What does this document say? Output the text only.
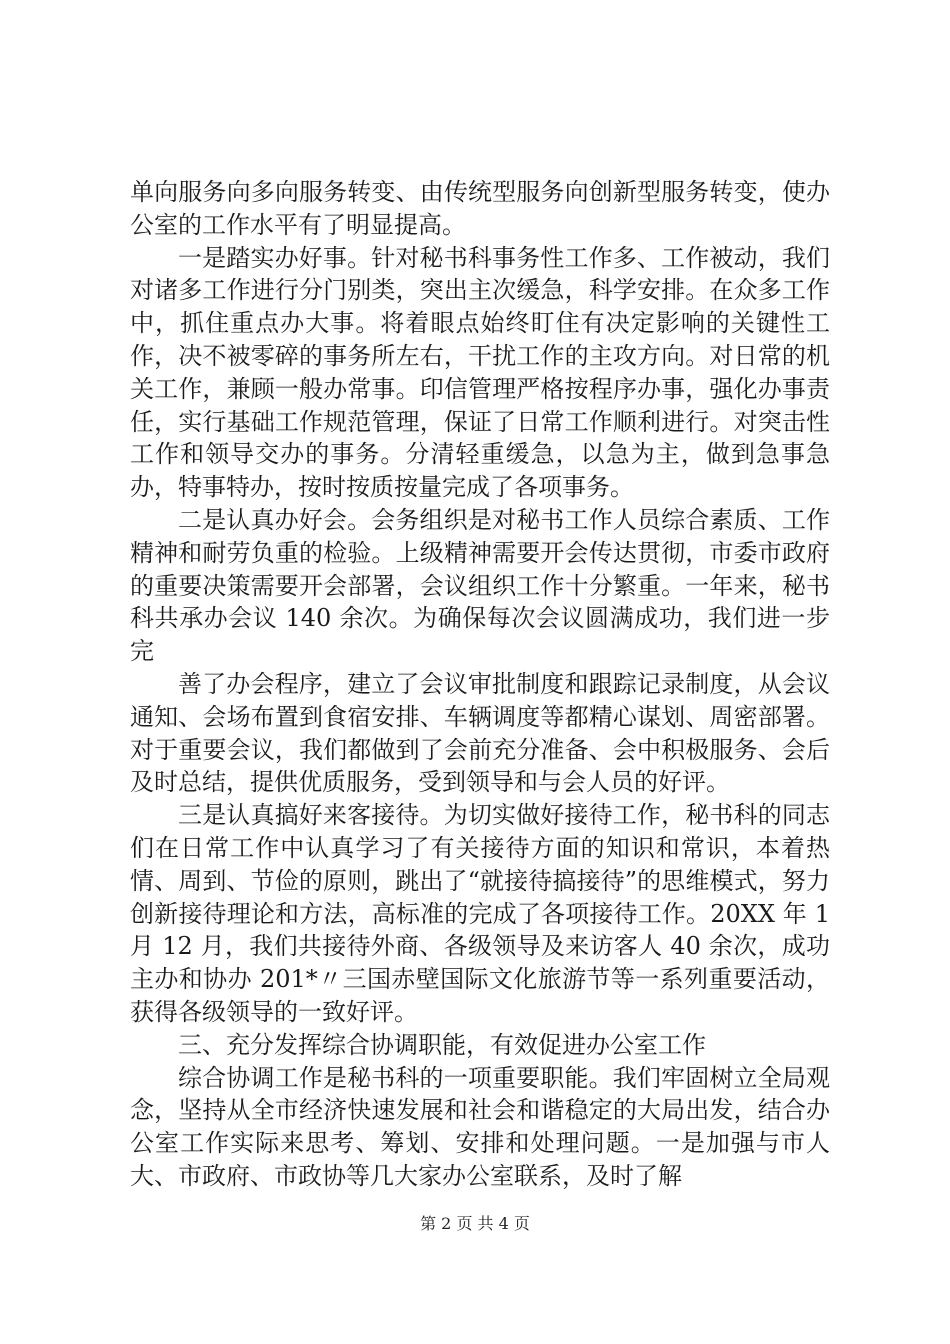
单向服务向多向服务转变、由传统型服务向创新型服务转变，使办公室的工作水平有了明显提高。

一是踏实办好事。针对秘书科事务性工作多、工作被动，我们对诸多工作进行分门别类，突出主次缓急，科学安排。在众多工作中，抓住重点办大事。将着眼点始终盯住有决定影响的关键性工作，决不被零碎的事务所左右，干扰工作的主攻方向。对日常的机关工作，兼顾一般办常事。印信管理严格按程序办事，强化办事责任，实行基础工作规范管理，保证了日常工作顺利进行。对突击性工作和领导交办的事务。分清轻重缓急，以急为主，做到急事急办，特事特办，按时按质按量完成了各项事务。

二是认真办好会。会务组织是对秘书工作人员综合素质、工作精神和耐劳负重的检验。上级精神需要开会传达贯彻，市委市政府的重要决策需要开会部署，会议组织工作十分繁重。一年来，秘书科共承办会议 140 余次。为确保每次会议圆满成功，我们进一步完

善了办会程序，建立了会议审批制度和跟踪记录制度，从会议通知、会场布置到食宿安排、车辆调度等都精心谋划、周密部署。对于重要会议，我们都做到了会前充分准备、会中积极服务、会后及时总结，提供优质服务，受到领导和与会人员的好评。

三是认真搞好来客接待。为切实做好接待工作，秘书科的同志们在日常工作中认真学习了有关接待方面的知识和常识，本着热情、周到、节俭的原则，跳出了“就接待搞接待”的思维模式，努力创新接待理论和方法，高标准的完成了各项接待工作。20XX 年 1 月 12 月，我们共接待外商、各级领导及来访客人 40 余次，成功主办和协办 201*〃三国赤壁国际文化旅游节等一系列重要活动，获得各级领导的一致好评。

三、充分发挥综合协调职能，有效促进办公室工作

综合协调工作是秘书科的一项重要职能。我们牢固树立全局观念，坚持从全市经济快速发展和社会和谐稳定的大局出发，结合办公室工作实际来思考、筹划、安排和处理问题。一是加强与市人大、市政府、市政协等几大家办公室联系，及时了解

第 2 页 共 4 页
